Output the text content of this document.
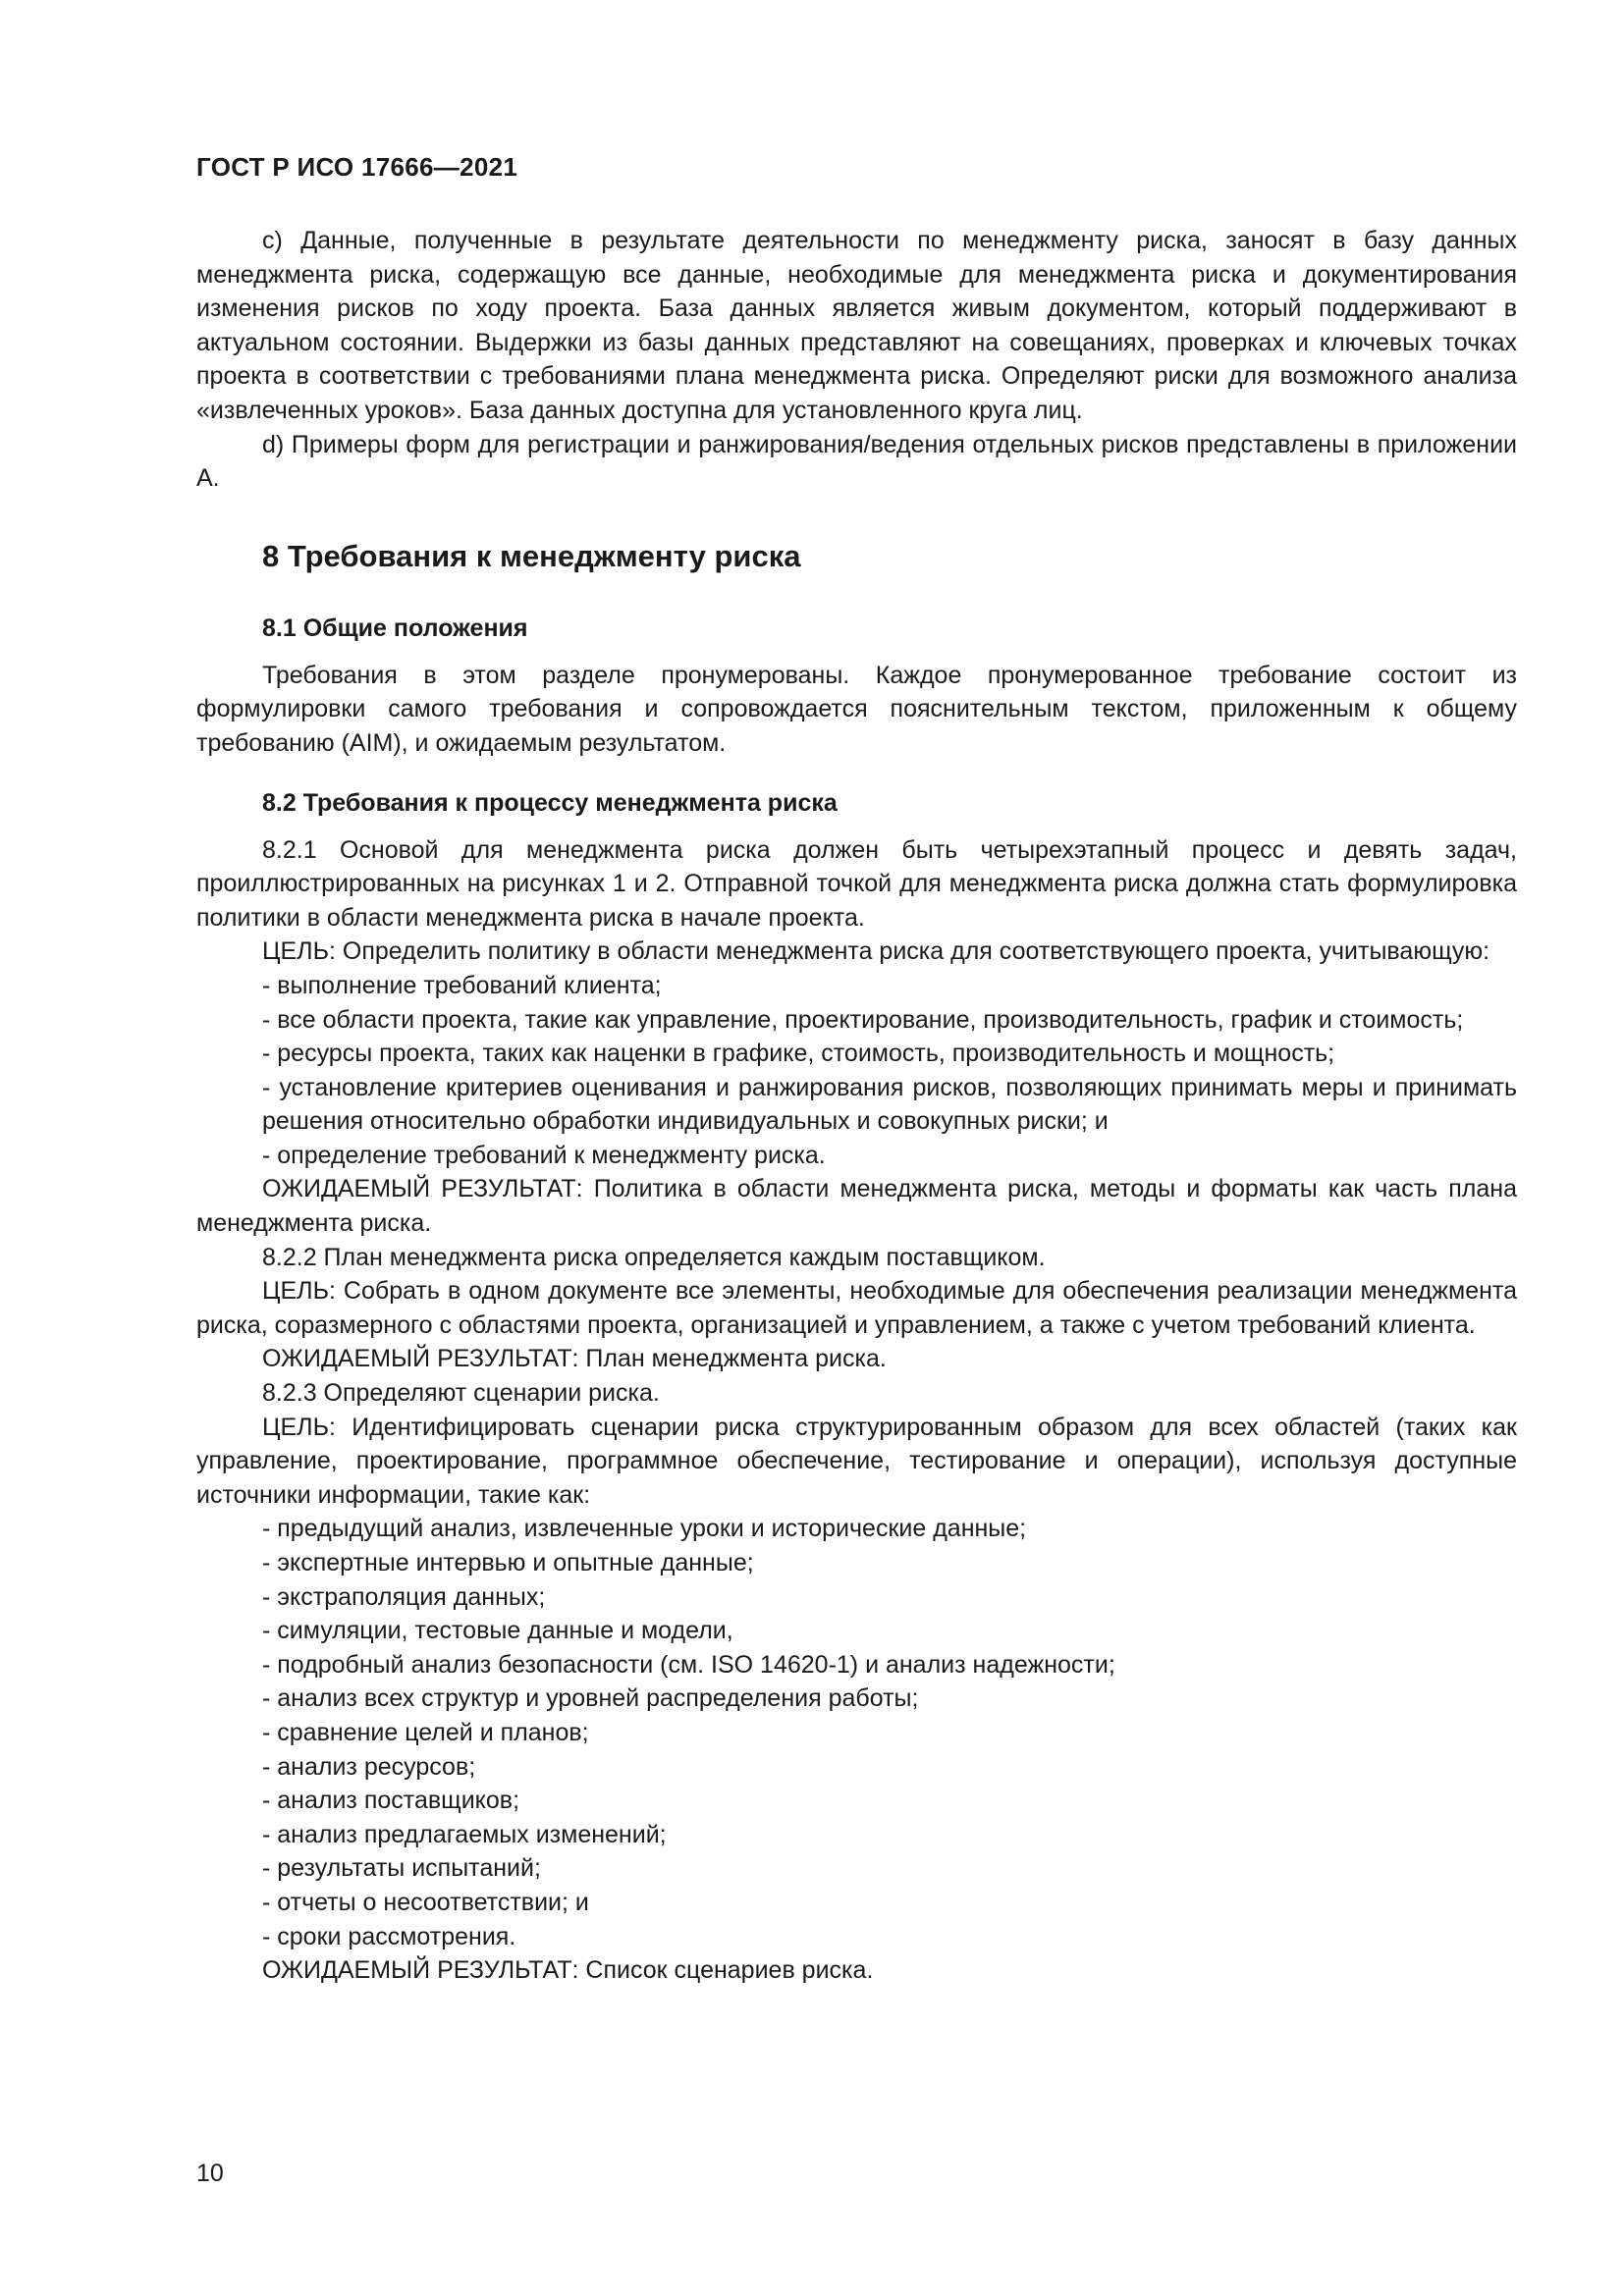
ГОСТ Р ИСО 17666—2021

c) Данные, полученные в результате деятельности по менеджменту риска, заносят в базу данных менеджмента риска, содержащую все данные, необходимые для менеджмента риска и документирования изменения рисков по ходу проекта. База данных является живым документом, который поддерживают в актуальном состоянии. Выдержки из базы данных представляют на совещаниях, проверках и ключевых точках проекта в соответствии с требованиями плана менеджмента риска. Определяют риски для возможного анализа «извлеченных уроков». База данных доступна для установленного круга лиц.

d) Примеры форм для регистрации и ранжирования/ведения отдельных рисков представлены в приложении А.

8 Требования к менеджменту риска
8.1 Общие положения

Требования в этом разделе пронумерованы. Каждое пронумерованное требование состоит из формулировки самого требования и сопровождается пояснительным текстом, приложенным к общему требованию (AIM), и ожидаемым результатом.

8.2 Требования к процессу менеджмента риска

8.2.1 Основой для менеджмента риска должен быть четырехэтапный процесс и девять задач, проиллюстрированных на рисунках 1 и 2. Отправной точкой для менеджмента риска должна стать формулировка политики в области менеджмента риска в начале проекта.

ЦЕЛЬ: Определить политику в области менеджмента риска для соответствующего проекта, учитывающую:

- выполнение требований клиента;

- все области проекта, такие как управление, проектирование, производительность, график и стоимость;

- ресурсы проекта, таких как наценки в графике, стоимость, производительность и мощность;

- установление критериев оценивания и ранжирования рисков, позволяющих принимать меры и принимать решения относительно обработки индивидуальных и совокупных риски; и

- определение требований к менеджменту риска.

ОЖИДАЕМЫЙ РЕЗУЛЬТАТ: Политика в области менеджмента риска, методы и форматы как часть плана менеджмента риска.

8.2.2 План менеджмента риска определяется каждым поставщиком.

ЦЕЛЬ: Собрать в одном документе все элементы, необходимые для обеспечения реализации менеджмента риска, соразмерного с областями проекта, организацией и управлением, а также с учетом требований клиента.

ОЖИДАЕМЫЙ РЕЗУЛЬТАТ: План менеджмента риска.

8.2.3 Определяют сценарии риска.

ЦЕЛЬ: Идентифицировать сценарии риска структурированным образом для всех областей (таких как управление, проектирование, программное обеспечение, тестирование и операции), используя доступные источники информации, такие как:

- предыдущий анализ, извлеченные уроки и исторические данные;

- экспертные интервью и опытные данные;

- экстраполяция данных;

- симуляции, тестовые данные и модели,

- подробный анализ безопасности (см. ISO 14620-1) и анализ надежности;

- анализ всех структур и уровней распределения работы;

- сравнение целей и планов;

- анализ ресурсов;

- анализ поставщиков;

- анализ предлагаемых изменений;

- результаты испытаний;

- отчеты о несоответствии; и

- сроки рассмотрения.

ОЖИДАЕМЫЙ РЕЗУЛЬТАТ: Список сценариев риска.

10
